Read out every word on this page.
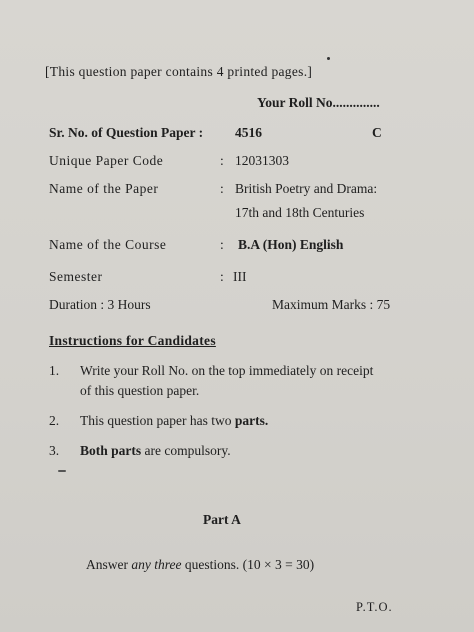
[This question paper contains 4 printed pages.]
Your Roll No..............
Sr. No. of Question Paper : 4516	C
Unique Paper Code	: 12031303
Name of the Paper	: British Poetry and Drama:
17th and 18th Centuries
Name of the Course	: B.A (Hon) English
Semester	: III
Duration : 3 Hours	Maximum Marks : 75
Instructions for Candidates
1. Write your Roll No. on the top immediately on receipt
of this question paper.
2. This question paper has two parts.
3. Both parts are compulsory.
Part A
Answer any three questions. (10 × 3 = 30)
P.T.O.
